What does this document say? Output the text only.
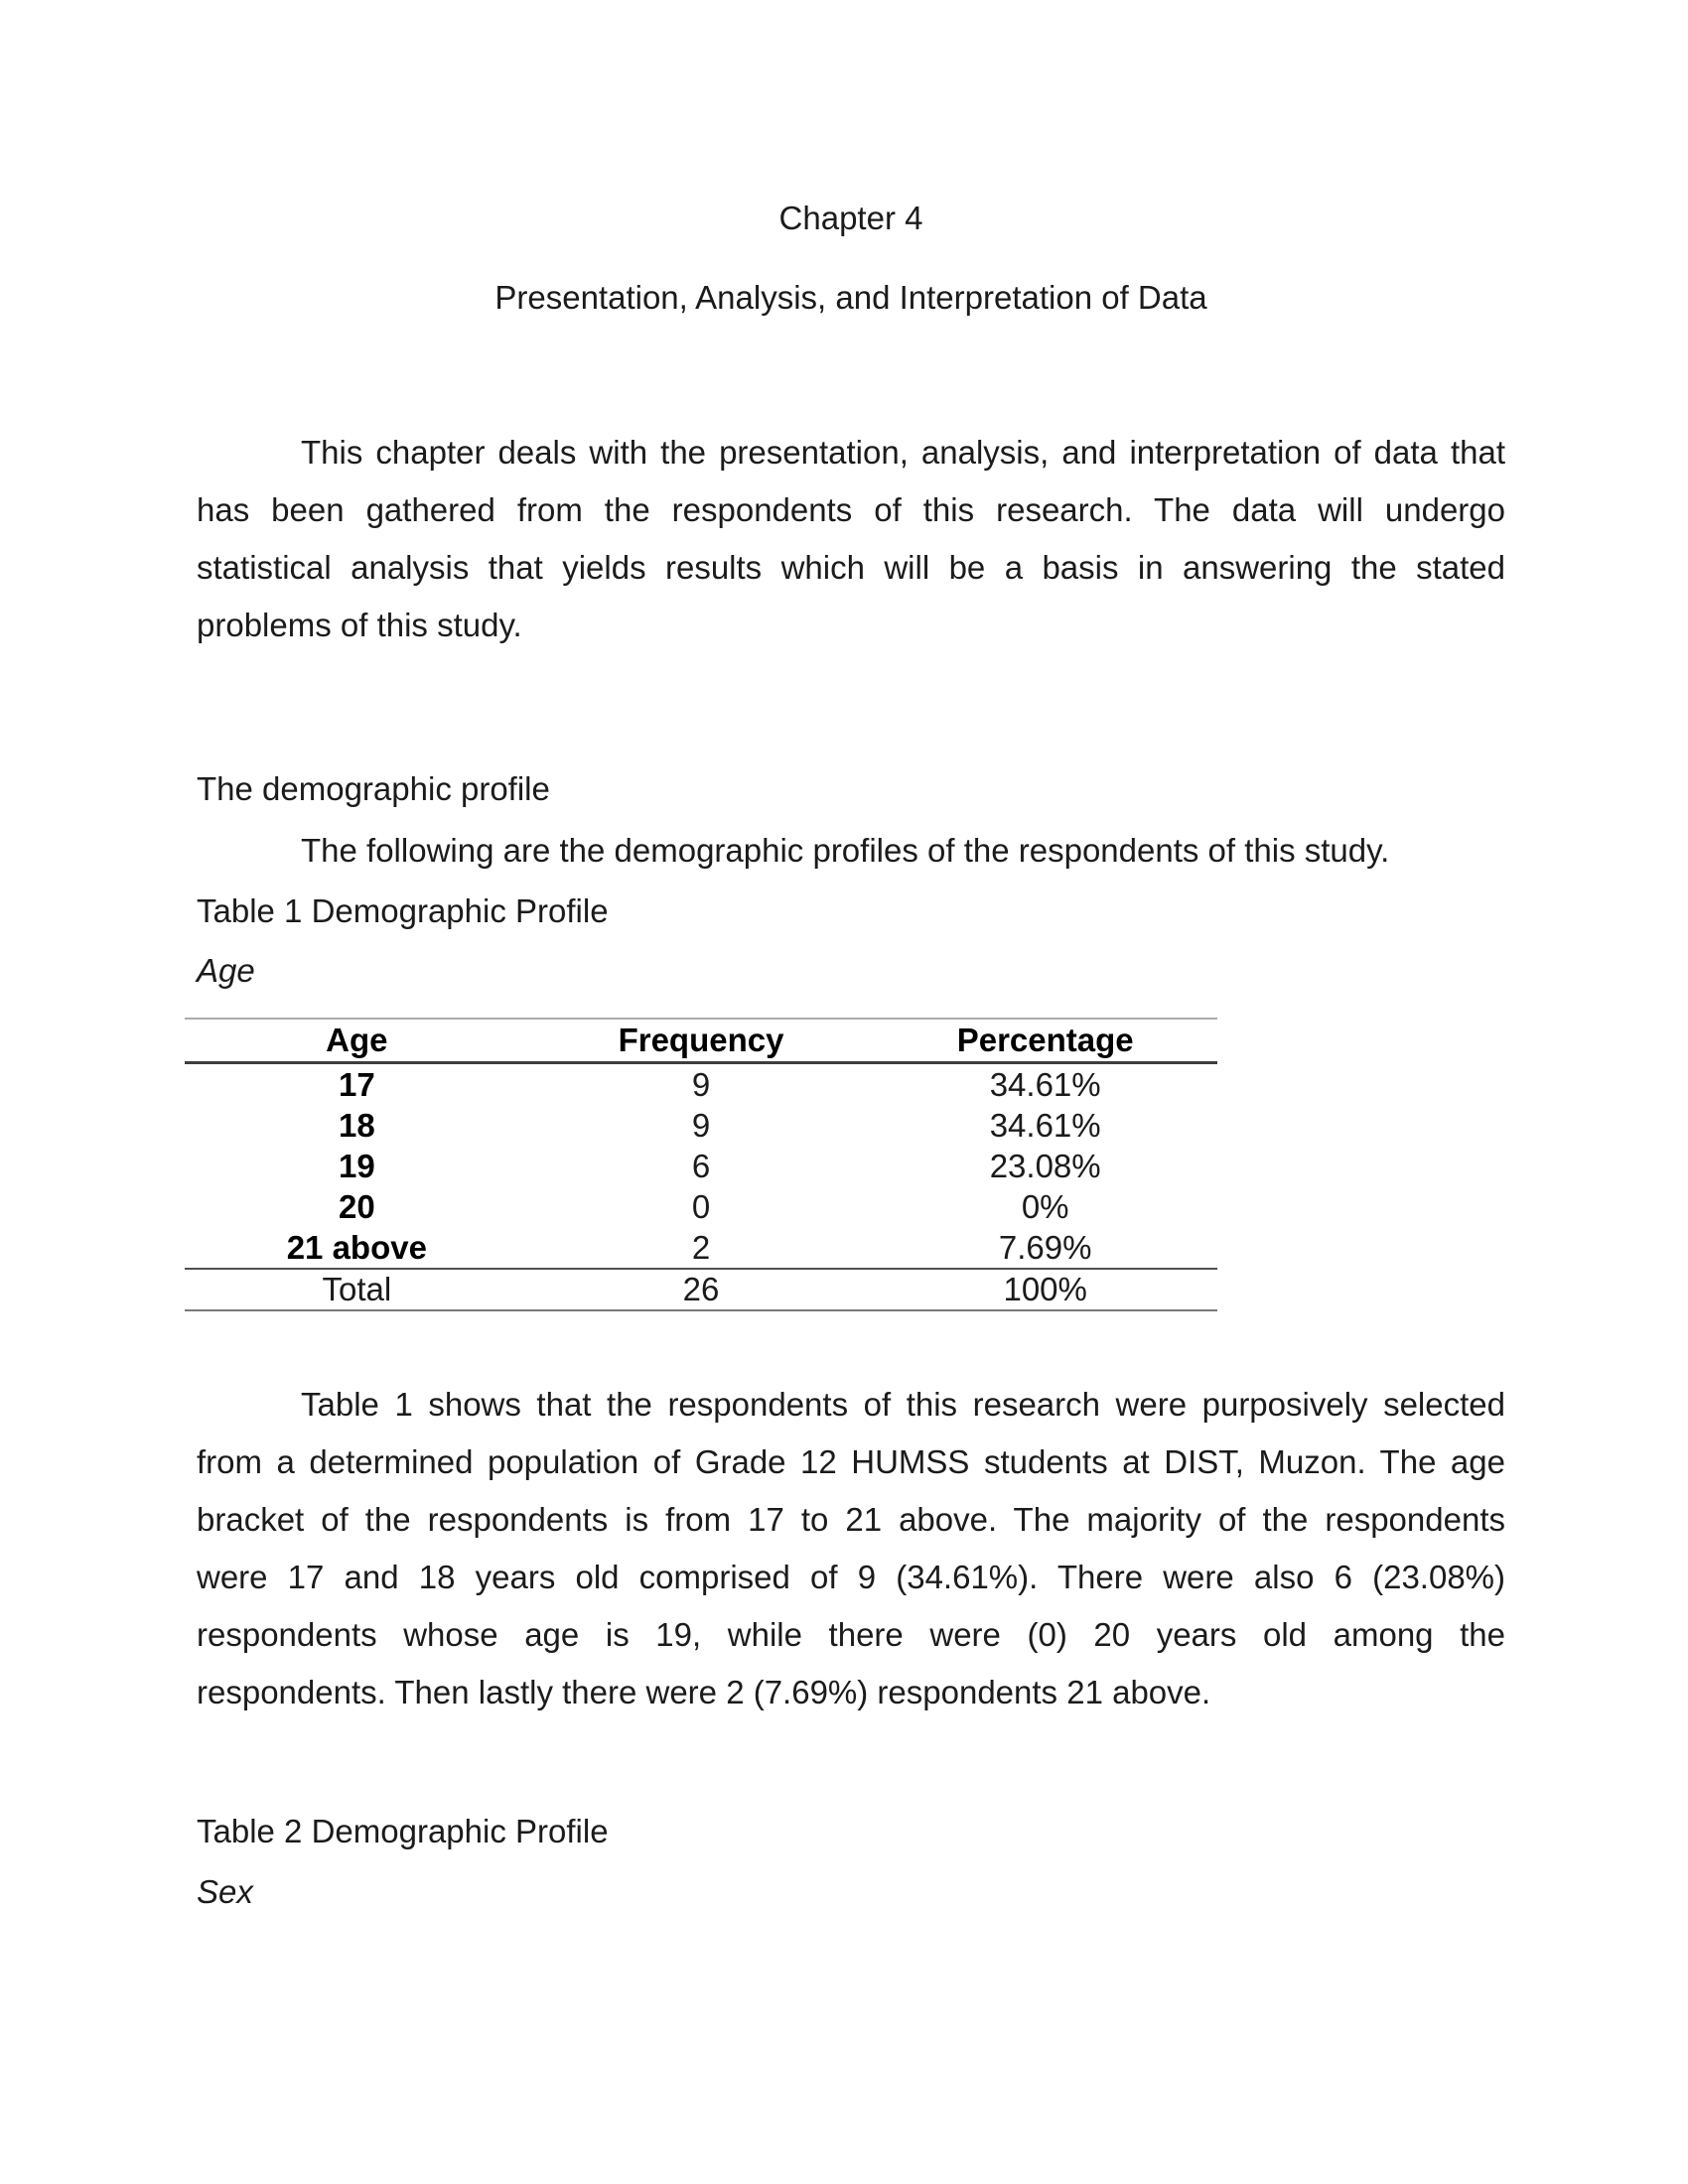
Chapter 4
Presentation, Analysis, and Interpretation of Data
This chapter deals with the presentation, analysis, and interpretation of data that
has been gathered from the respondents of this research. The data will undergo
statistical analysis that yields results which will be a basis in answering the stated
problems of this study.
The demographic profile
The following are the demographic profiles of the respondents of this study.
Table 1 Demographic Profile
Age
Age	Frequency	Percentage
17	9	34.61%
18	9	34.61%
19	6	23.08%
20	0	0%
21 above	2	7.69%
Total	26	100%
Table 1 shows that the respondents of this research were purposively selected
from a determined population of Grade 12 HUMSS students at DIST, Muzon. The age
bracket of the respondents is from 17 to 21 above. The majority of the respondents
were 17 and 18 years old comprised of 9 (34.61%). There were also 6 (23.08%)
respondents whose age is 19, while there were (0) 20 years old among the
respondents. Then lastly there were 2 (7.69%) respondents 21 above.
Table 2 Demographic Profile
Sex
